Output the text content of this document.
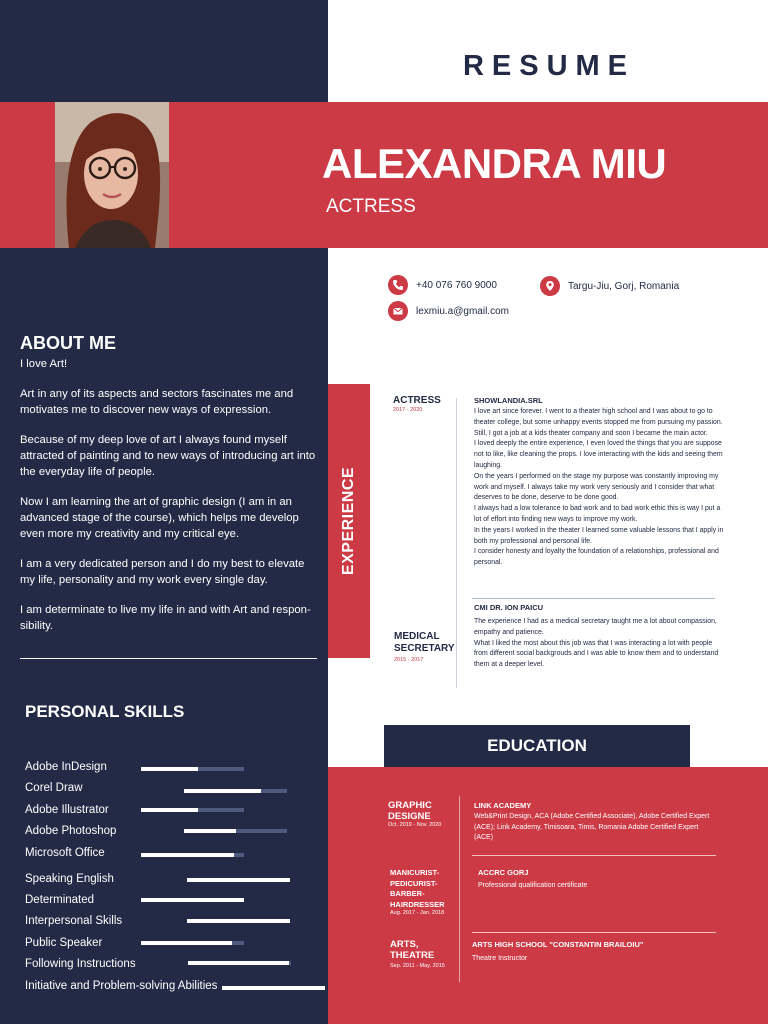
RESUME
ALEXANDRA MIU
ACTRESS
+40 076 760 9000	Targu-Jiu, Gorj, Romania
lexmiu.a@gmail.com
ABOUT ME

I love Art!

Art in any of its aspects and sectors fascinates me and motivates me to discover new ways of expression.

Because of my deep love of art I always found myself attracted of painting and to new ways of introducing art into the everyday life of people.

Now I am learning the art of graphic design (I am in an advanced stage of the course), which helps me develop even more my creativity and my critical eye.

I am a very dedicated person and I do my best to elevate my life, personality and my work every single day.

I am determinate to live my life in and with Art and respon-sibility.

PERSONAL SKILLS
Adobe InDesign
Corel Draw
Adobe Illustrator
Adobe Photoshop
Microsoft Office
Speaking English
Determinated
Interpersonal Skills
Public Speaker
Following Instructions
Initiative and Problem-solving Abilities
EXPERIENCE
ACTRESS
2017 - 2020
SHOWLANDIA.SRL
I love art since forever. I went to a theater high school and I was about to go to theater college, but some unhappy events stopped me from pursuing my passion.
Still, I got a job at a kids theater company and soon I became the main actor.
I loved deeply the entire experience, I even loved the things that you are suppose not to like, like cleaning the props. I love interacting with the kids and seeing them laughing.
On the years I performed on the stage my purpose was constantly improving my work and myself. I always take my work very seriously and I consider that what deserves to be done, deserve to be done good.
I always had a low tolerance to bad work and to bad work ethic this is way I put a lot of effort into finding new ways to improve my work.
In the years I worked in the theater I learned some valuable lessons that I apply in both my professional and personal life.
I consider honesty and loyalty the foundation of a relationships, professional and personal.
MEDICAL SECRETARY
2015 - 2017
CMI DR. ION PAICU
The experience I had as a medical secretary taught me a lot about compassion, empathy and patience.
What I liked the most about this job was that I was interacting a lot with people from different social backgrouds and I was able to know them and to understand them at a deeper level.
EDUCATION
GRAPHIC DESIGNE
Oct. 2019 - Nov. 2020
LINK ACADEMY
Web&Print Design, ACA (Adobe Certified Associate), Adobe Certified Expert (ACE); Link Academy, Timisoara, Timis, Romania Adobe Certified Expert (ACE)
MANICURIST-PEDICURIST-BARBER-HAIRDRESSER
Aug. 2017 - Jan. 2018
ACCRC GORJ
Professional qualification certificate
ARTS, THEATRE
Sep. 2011 - May. 2015
ARTS HIGH SCHOOL "CONSTANTIN BRAILOIU"
Theatre Instructor
